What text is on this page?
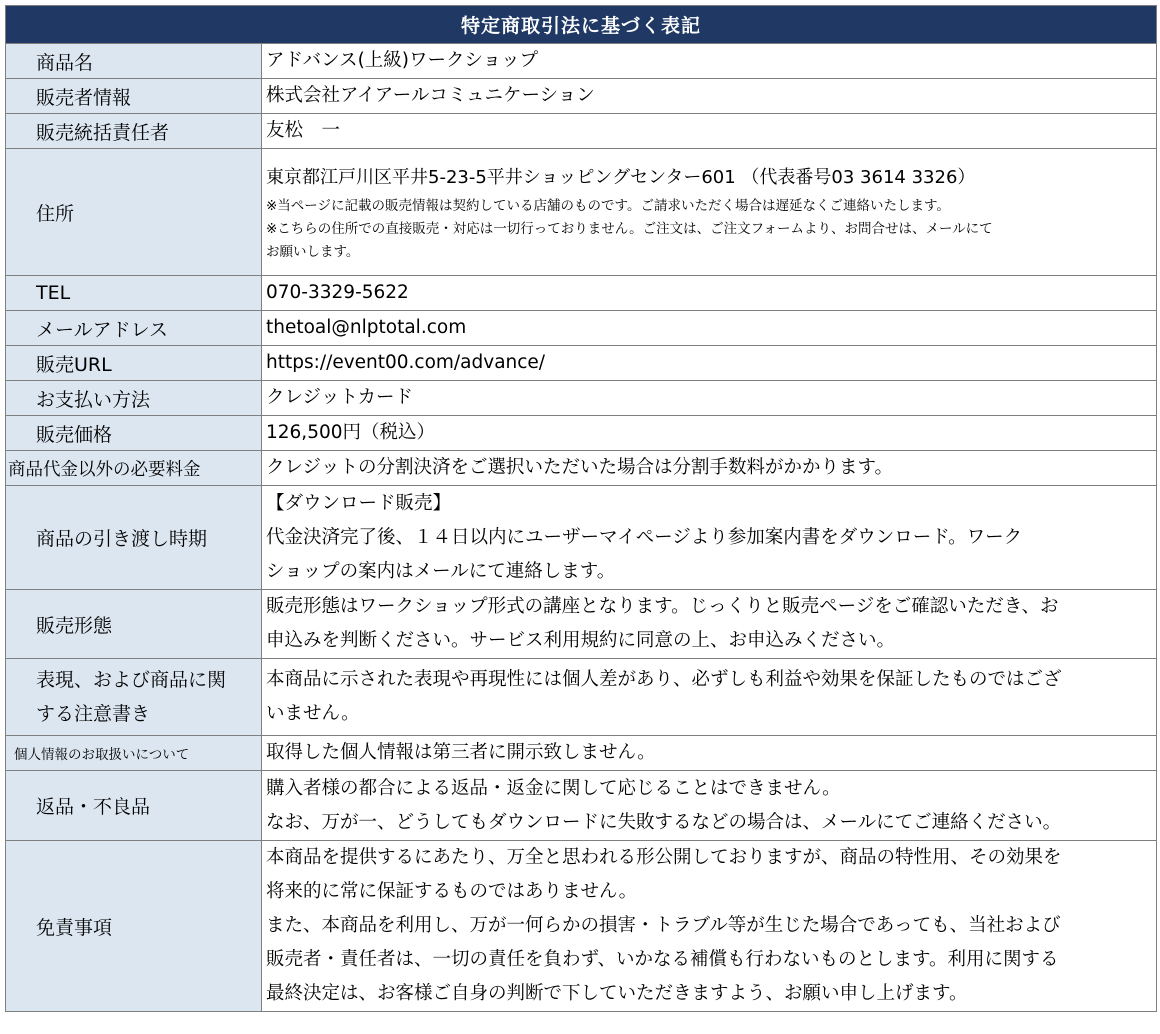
特定商取引法に基づく表記	
商品名	アドバンス(上級)ワークショップ

販売者情報	株式会社アイアールコミュニケーション

販売統括責任者	友松　一

住所	東京都江戸川区平井5-23-5平井ショッピングセンター601 （代表番号03 3614 3326）
※当ページに記載の販売情報は契約している店舗のものです。ご請求いただく場合は遅延なくご連絡いたします。
※こちらの住所での直接販売・対応は一切行っておりません。ご注文は、ご注文フォームより、お問合せは、メールにて
お願いします。

TEL	070-3329-5622

メールアドレス	thetoal@nlptotal.com

販売URL	https://event00.com/advance/

お支払い方法	クレジットカード

販売価格	126,500円（税込）

商品代金以外の必要料金	クレジットの分割決済をご選択いただいた場合は分割手数料がかかります。

商品の引き渡し時期	【ダウンロード販売】
代金決済完了後、１４日以内にユーザーマイページより参加案内書をダウンロード。ワーク
ショップの案内はメールにて連絡します。

販売形態	販売形態はワークショップ形式の講座となります。じっくりと販売ページをご確認いただき、お
申込みを判断ください。サービス利用規約に同意の上、お申込みください。

表現、および商品に関
する注意書き	本商品に示された表現や再現性には個人差があり、必ずしも利益や効果を保証したものではござ
いません。

個人情報のお取扱いについて	取得した個人情報は第三者に開示致しません。

返品・不良品	購入者様の都合による返品・返金に関して応じることはできません。
なお、万が一、どうしてもダウンロードに失敗するなどの場合は、メールにてご連絡ください。

免責事項	本商品を提供するにあたり、万全と思われる形公開しておりますが、商品の特性用、その効果を
将来的に常に保証するものではありません。
また、本商品を利用し、万が一何らかの損害・トラブル等が生じた場合であっても、当社および
販売者・責任者は、一切の責任を負わず、いかなる補償も行わないものとします。利用に関する
最終決定は、お客様ご自身の判断で下していただきますよう、お願い申し上げます。
